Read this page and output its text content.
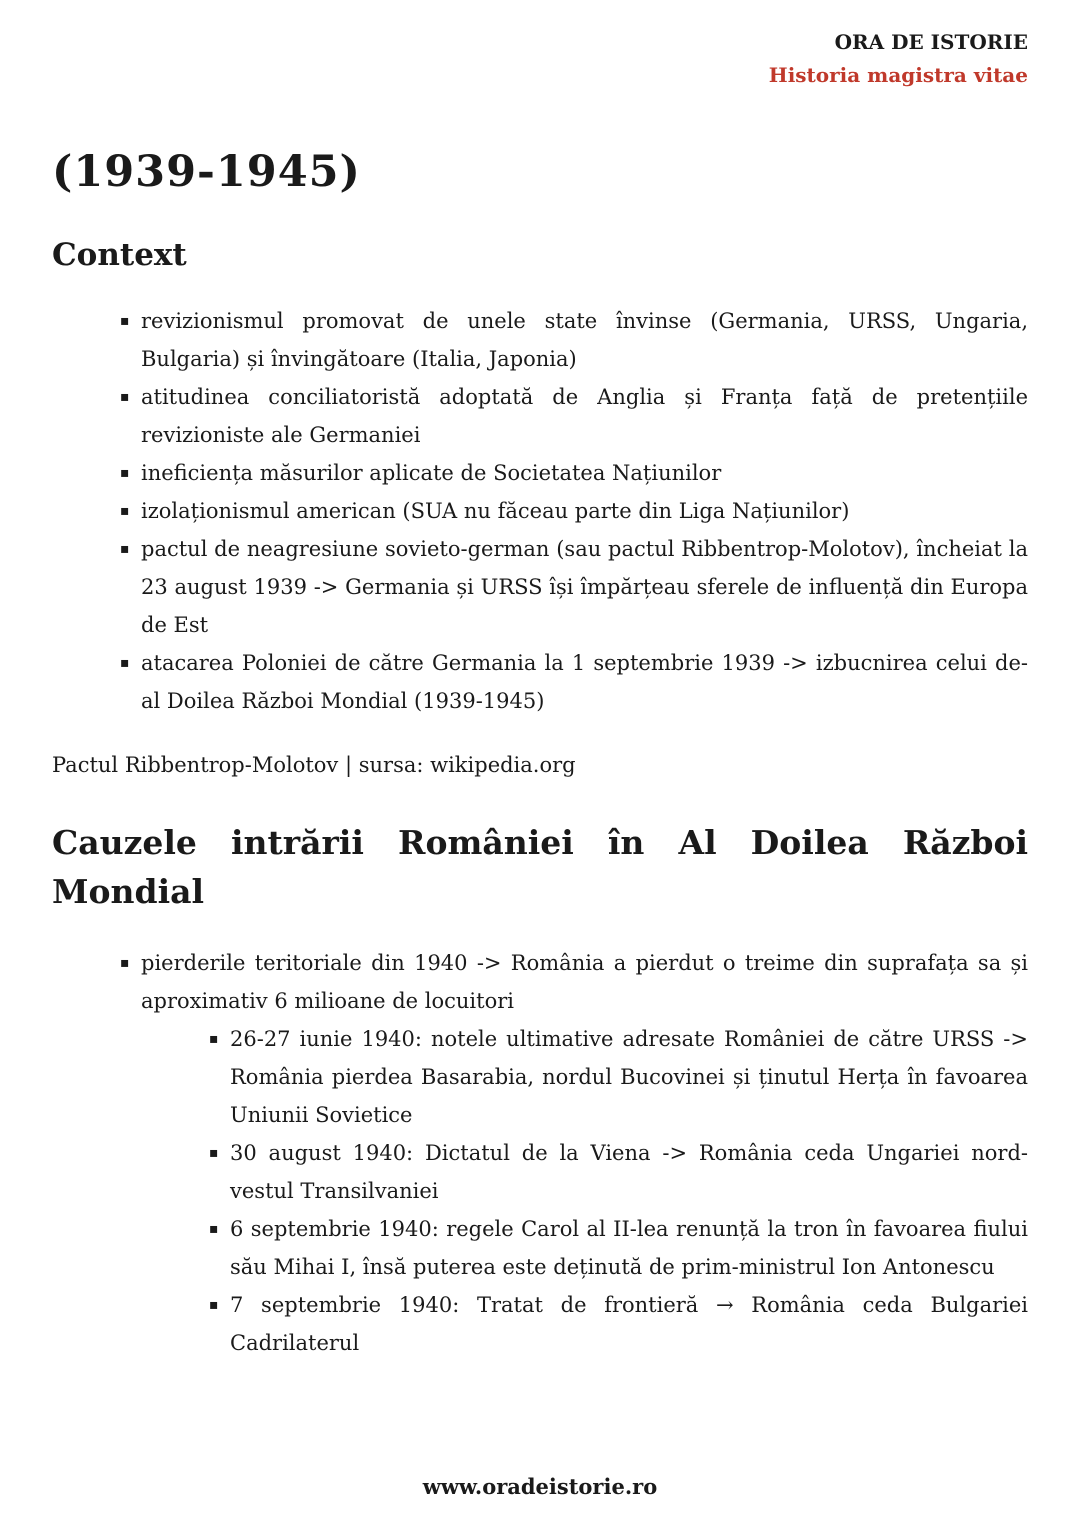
ORA DE ISTORIE
Historia magistra vitae
(1939-1945)
Context
▪ revizionismul promovat de unele state învinse (Germania, URSS, Ungaria, Bulgaria) și învingătoare (Italia, Japonia)
▪ atitudinea conciliatoristă adoptată de Anglia și Franța față de pretențiile revizioniste ale Germaniei
▪ ineficiența măsurilor aplicate de Societatea Națiunilor
▪ izolaționismul american (SUA nu făceau parte din Liga Națiunilor)
▪ pactul de neagresiune sovieto-german (sau pactul Ribbentrop-Molotov), încheiat la 23 august 1939 -> Germania și URSS își împărțeau sferele de influență din Europa de Est
▪ atacarea Poloniei de către Germania la 1 septembrie 1939 -> izbucnirea celui de-al Doilea Război Mondial (1939-1945)

Pactul Ribbentrop-Molotov | sursa: wikipedia.org

Cauzele intrării României în Al Doilea Război Mondial
▪ pierderile teritoriale din 1940 -> România a pierdut o treime din suprafața sa și aproximativ 6 milioane de locuitori
▪ 26-27 iunie 1940: notele ultimative adresate României de către URSS -> România pierdea Basarabia, nordul Bucovinei și ținutul Herța în favoarea Uniunii Sovietice
▪ 30 august 1940: Dictatul de la Viena -> România ceda Ungariei nord-vestul Transilvaniei
▪ 6 septembrie 1940: regele Carol al II-lea renunță la tron în favoarea fiului său Mihai I, însă puterea este deținută de prim-ministrul Ion Antonescu
▪ 7 septembrie 1940: Tratat de frontieră → România ceda Bulgariei Cadrilaterul
www.oradeistorie.ro
